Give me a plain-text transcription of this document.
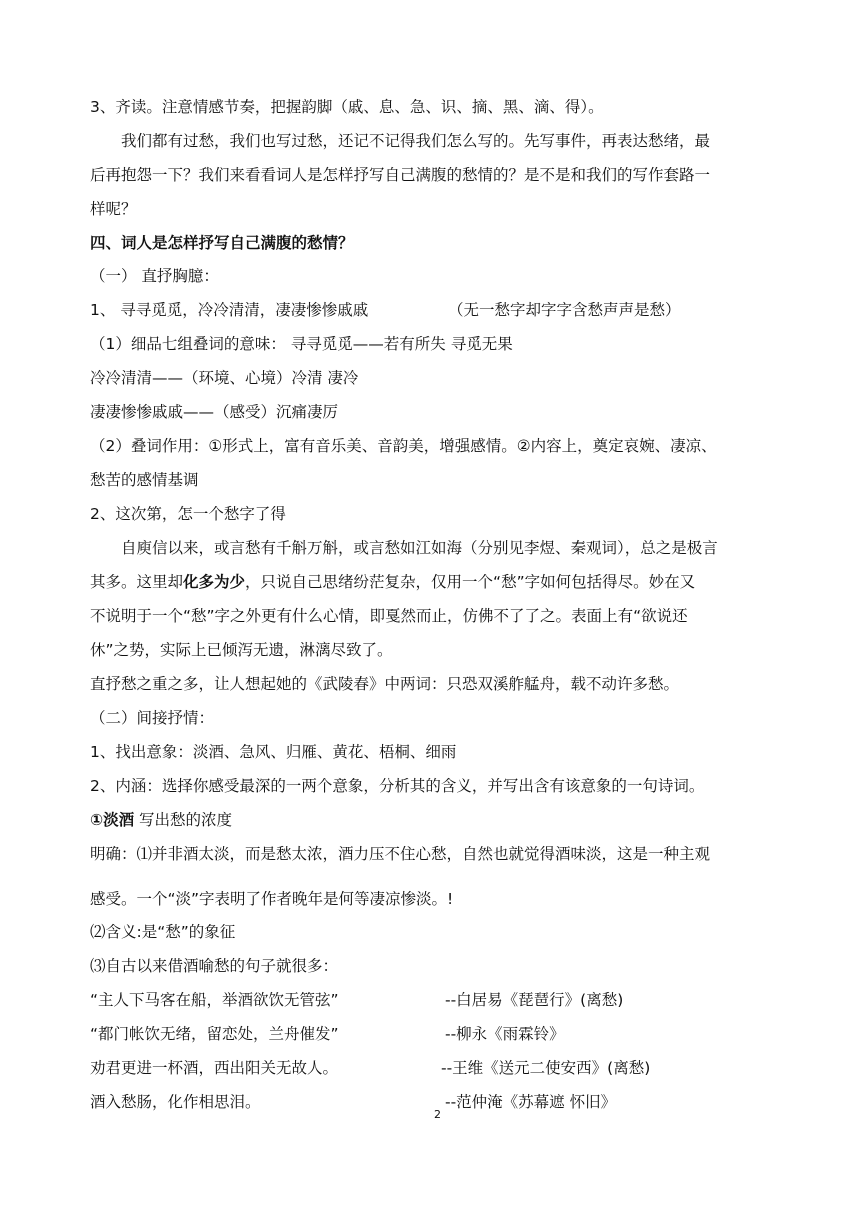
3、齐读。注意情感节奏，把握韵脚（戚、息、急、识、摘、黑、滴、得）。
我们都有过愁，我们也写过愁，还记不记得我们怎么写的。先写事件，再表达愁绪，最
后再抱怨一下？我们来看看词人是怎样抒写自己满腹的愁情的？是不是和我们的写作套路一
样呢？
四、词人是怎样抒写自己满腹的愁情？
（一） 直抒胸臆：
1、 寻寻觅觅，冷冷清清，凄凄惨惨戚戚	（无一愁字却字字含愁声声是愁）
（1）细品七组叠词的意味： 寻寻觅觅——若有所失 寻觅无果
冷冷清清——（环境、心境）冷清 凄冷
凄凄惨惨戚戚——（感受）沉痛凄厉
（2）叠词作用：①形式上，富有音乐美、音韵美，增强感情。②内容上，奠定哀婉、凄凉、
愁苦的感情基调
2、这次第，怎一个愁字了得
自庾信以来，或言愁有千斛万斛，或言愁如江如海（分别见李煜、秦观词），总之是极言
其多。这里却化多为少，只说自己思绪纷茫复杂，仅用一个“愁”字如何包括得尽。妙在又
不说明于一个“愁”字之外更有什么心情，即戛然而止，仿佛不了了之。表面上有“欲说还
休”之势，实际上已倾泻无遗，淋漓尽致了。
直抒愁之重之多，让人想起她的《武陵春》中两词：只恐双溪舴艋舟，载不动许多愁。
（二）间接抒情：
1、找出意象：淡酒、急风、归雁、黄花、梧桐、细雨
2、内涵：选择你感受最深的一两个意象，分析其的含义，并写出含有该意象的一句诗词。
①淡酒 写出愁的浓度
明确：⑴并非酒太淡，而是愁太浓，酒力压不住心愁，自然也就觉得酒味淡，这是一种主观
感受。一个“淡”字表明了作者晚年是何等凄凉惨淡。!
⑵含义:是“愁”的象征
⑶自古以来借酒喻愁的句子就很多：
“主人下马客在船，举酒欲饮无管弦”	--白居易《琵琶行》(离愁)
“都门帐饮无绪，留恋处，兰舟催发”	--柳永《雨霖铃》
劝君更进一杯酒，西出阳关无故人。	--王维《送元二使安西》(离愁)
酒入愁肠，化作相思泪。	--范仲淹《苏幕遮 怀旧》
2
